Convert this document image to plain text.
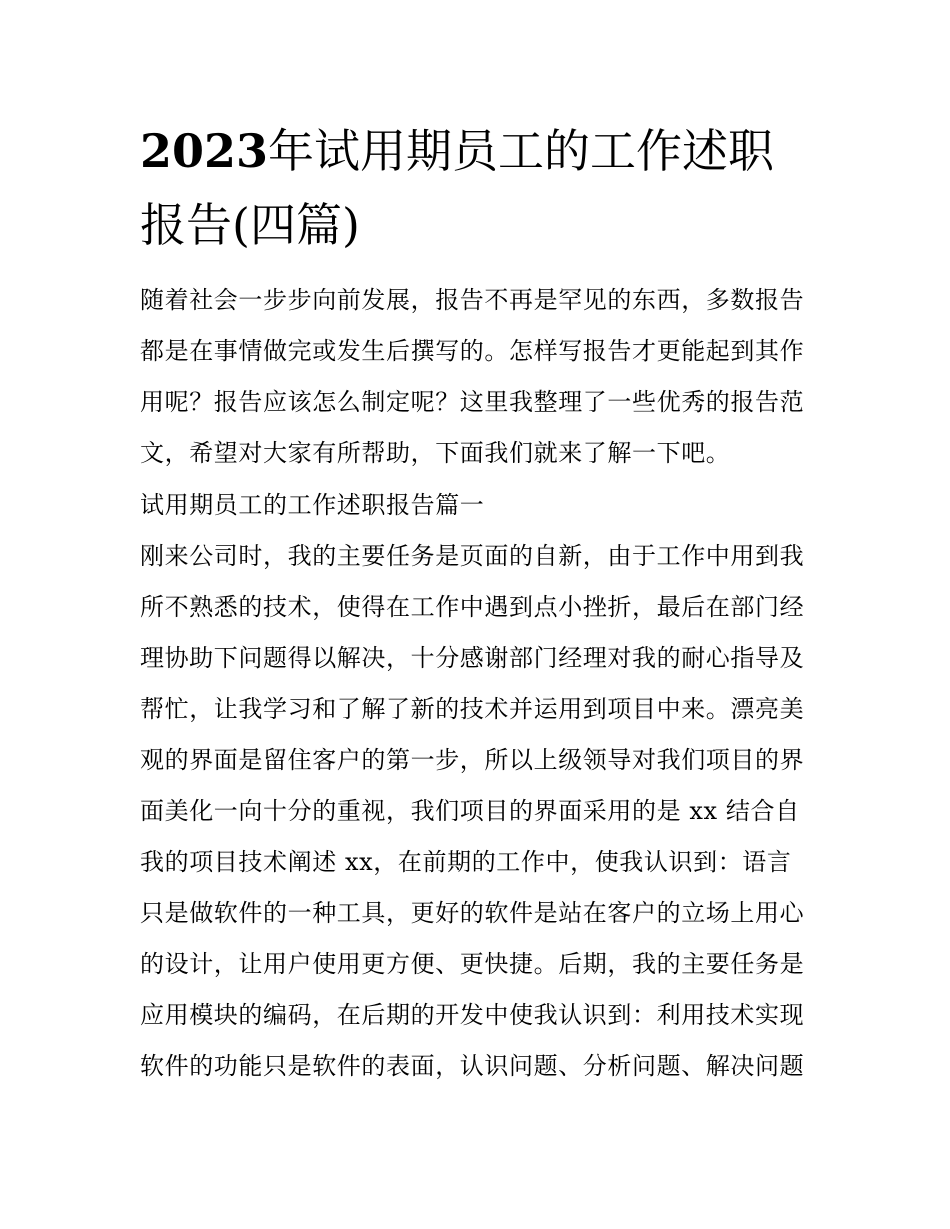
2023年试用期员工的工作述职
报告(四篇)
随着社会一步步向前发展，报告不再是罕见的东西，多数报告
都是在事情做完或发生后撰写的。怎样写报告才更能起到其作
用呢？报告应该怎么制定呢？这里我整理了一些优秀的报告范
文，希望对大家有所帮助，下面我们就来了解一下吧。
试用期员工的工作述职报告篇一
刚来公司时，我的主要任务是页面的自新，由于工作中用到我
所不熟悉的技术，使得在工作中遇到点小挫折，最后在部门经
理协助下问题得以解决，十分感谢部门经理对我的耐心指导及
帮忙，让我学习和了解了新的技术并运用到项目中来。漂亮美
观的界面是留住客户的第一步，所以上级领导对我们项目的界
面美化一向十分的重视，我们项目的界面采用的是 xx 结合自
我的项目技术阐述 xx，在前期的工作中，使我认识到：语言
只是做软件的一种工具，更好的软件是站在客户的立场上用心
的设计，让用户使用更方便、更快捷。后期，我的主要任务是
应用模块的编码，在后期的开发中使我认识到：利用技术实现
软件的功能只是软件的表面，认识问题、分析问题、解决问题
